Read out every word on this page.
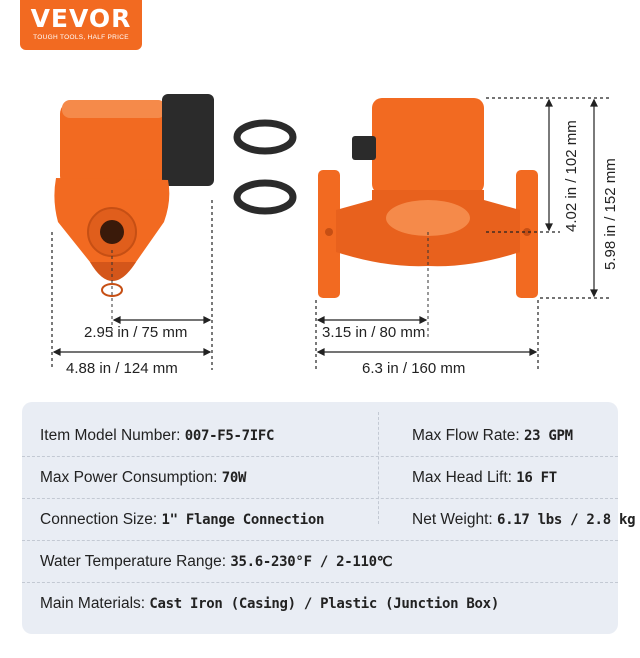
VEVOR
TOUGH TOOLS, HALF PRICE
2.95 in / 75 mm
4.88 in / 124 mm
3.15 in / 80 mm
6.3 in / 160 mm
4.02 in / 102 mm 5.98 in / 152 mm
Item Model Number: 007-F5-7IFC	Max Flow Rate: 23 GPM
Max Power Consumption: 70W	Max Head Lift: 16 FT
Connection Size: 1" Flange Connection	Net Weight: 6.17 lbs / 2.8 kg
Water Temperature Range: 35.6-230°F / 2-110℃
Main Materials: Cast Iron (Casing) / Plastic (Junction Box)
